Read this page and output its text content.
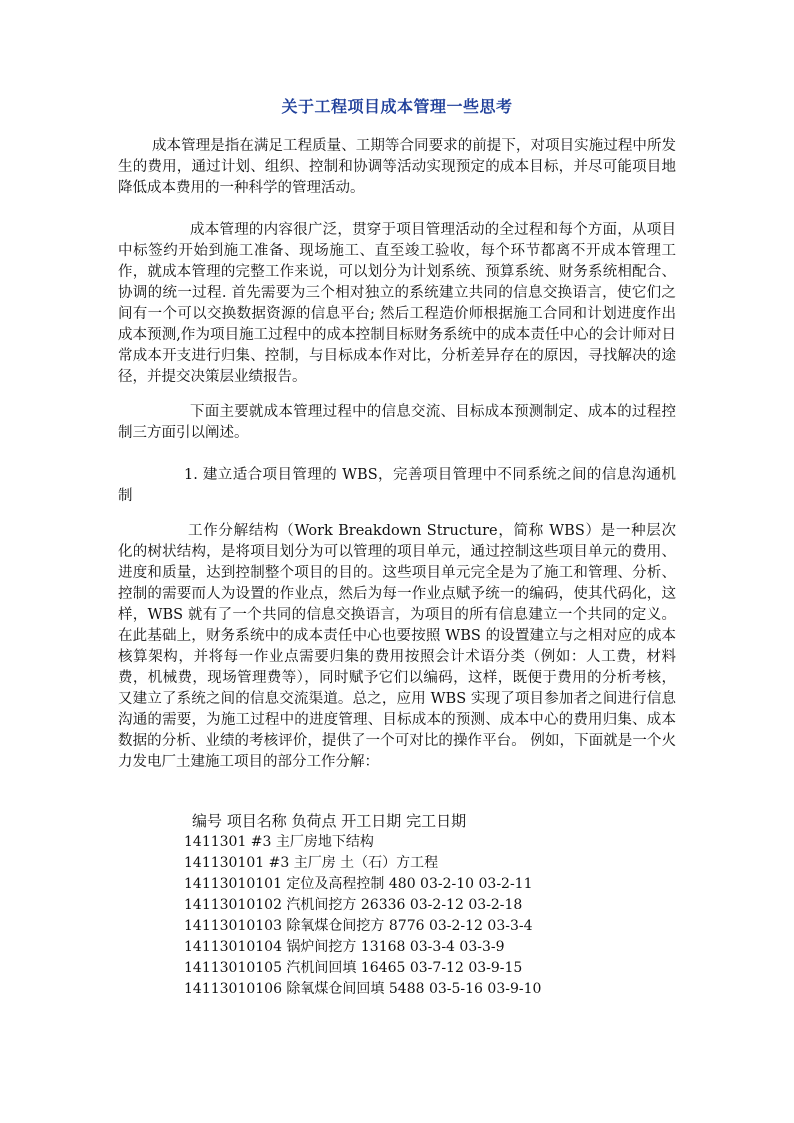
关于工程项目成本管理一些思考

成本管理是指在满足工程质量、工期等合同要求的前提下，对项目实施过程中所发生的费用，通过计划、组织、控制和协调等活动实现预定的成本目标，并尽可能项目地降低成本费用的一种科学的管理活动。

成本管理的内容很广泛，贯穿于项目管理活动的全过程和每个方面，从项目中标签约开始到施工准备、现场施工、直至竣工验收，每个环节都离不开成本管理工作，就成本管理的完整工作来说，可以划分为计划系统、预算系统、财务系统相配合、协调的统一过程. 首先需要为三个相对独立的系统建立共同的信息交换语言，使它们之间有一个可以交换数据资源的信息平台; 然后工程造价师根据施工合同和计划进度作出成本预测,作为项目施工过程中的成本控制目标财务系统中的成本责任中心的会计师对日常成本开支进行归集、控制，与目标成本作对比，分析差异存在的原因，寻找解决的途径，并提交决策层业绩报告。

下面主要就成本管理过程中的信息交流、目标成本预测制定、成本的过程控制三方面引以阐述。

1. 建立适合项目管理的 WBS，完善项目管理中不同系统之间的信息沟通机制

工作分解结构（Work Breakdown Structure，简称 WBS）是一种层次化的树状结构，是将项目划分为可以管理的项目单元，通过控制这些项目单元的费用、进度和质量，达到控制整个项目的目的。这些项目单元完全是为了施工和管理、分析、控制的需要而人为设置的作业点，然后为每一作业点赋予统一的编码，使其代码化，这样，WBS 就有了一个共同的信息交换语言，为项目的所有信息建立一个共同的定义。在此基础上，财务系统中的成本责任中心也要按照 WBS 的设置建立与之相对应的成本核算架构，并将每一作业点需要归集的费用按照会计术语分类（例如：人工费，材料费，机械费，现场管理费等），同时赋予它们以编码，这样，既便于费用的分析考核，又建立了系统之间的信息交流渠道。总之，应用 WBS 实现了项目参加者之间进行信息沟通的需要，为施工过程中的进度管理、目标成本的预测、成本中心的费用归集、成本数据的分析、业绩的考核评价，提供了一个可对比的操作平台。 例如，下面就是一个火力发电厂土建施工项目的部分工作分解：

编号 项目名称 负荷点 开工日期 完工日期
1411301 #3 主厂房地下结构
141130101 #3 主厂房 土（石）方工程
14113010101 定位及高程控制 480 03-2-10 03-2-11
14113010102 汽机间挖方 26336 03-2-12 03-2-18
14113010103 除氧煤仓间挖方 8776 03-2-12 03-3-4
14113010104 锅炉间挖方 13168 03-3-4 03-3-9
14113010105 汽机间回填 16465 03-7-12 03-9-15
14113010106 除氧煤仓间回填 5488 03-5-16 03-9-10
